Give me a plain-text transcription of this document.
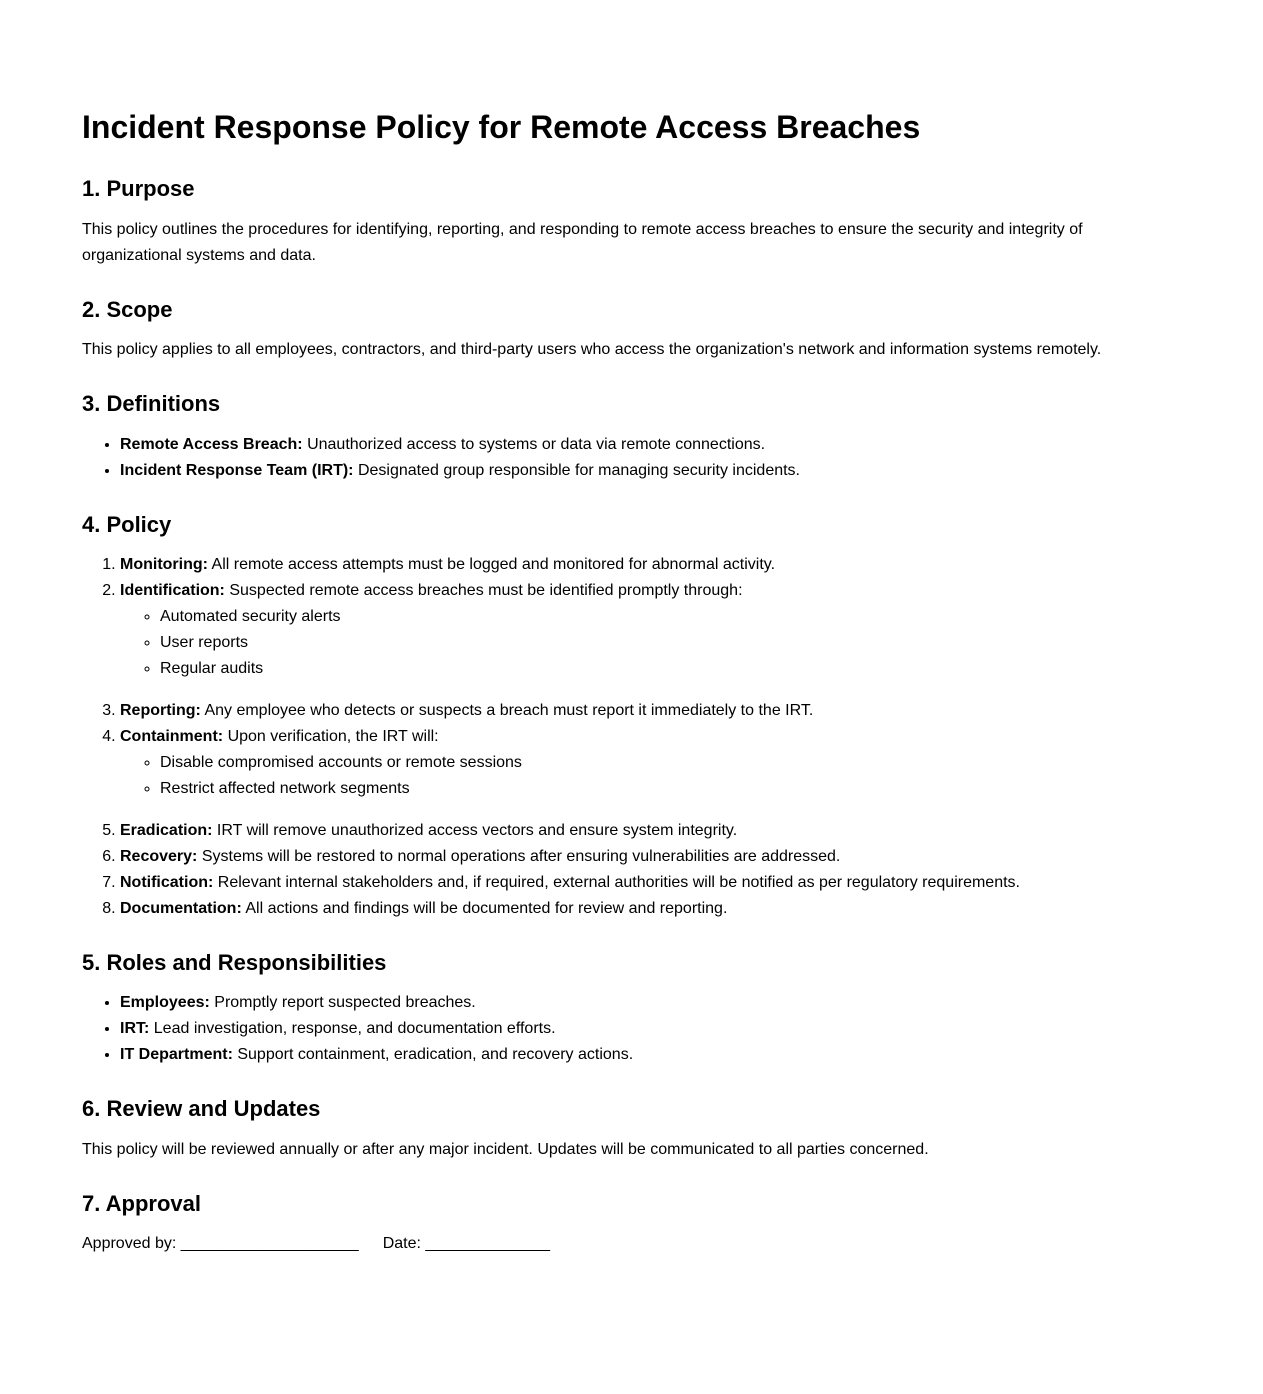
Incident Response Policy for Remote Access Breaches
1. Purpose

This policy outlines the procedures for identifying, reporting, and responding to remote access breaches to ensure the security and integrity of organizational systems and data.

2. Scope

This policy applies to all employees, contractors, and third-party users who access the organization's network and information systems remotely.

3. Definitions
• Remote Access Breach: Unauthorized access to systems or data via remote connections.
• Incident Response Team (IRT): Designated group responsible for managing security incidents.
4. Policy
1. Monitoring: All remote access attempts must be logged and monitored for abnormal activity.
2. Identification: Suspected remote access breaches must be identified promptly through:
◦ Automated security alerts
◦ User reports
◦ Regular audits
3. Reporting: Any employee who detects or suspects a breach must report it immediately to the IRT.
4. Containment: Upon verification, the IRT will:
◦ Disable compromised accounts or remote sessions
◦ Restrict affected network segments
5. Eradication: IRT will remove unauthorized access vectors and ensure system integrity.
6. Recovery: Systems will be restored to normal operations after ensuring vulnerabilities are addressed.
7. Notification: Relevant internal stakeholders and, if required, external authorities will be notified as per regulatory requirements.
8. Documentation: All actions and findings will be documented for review and reporting.
5. Roles and Responsibilities
• Employees: Promptly report suspected breaches.
• IRT: Lead investigation, response, and documentation efforts.
• IT Department: Support containment, eradication, and recovery actions.
6. Review and Updates

This policy will be reviewed annually or after any major incident. Updates will be communicated to all parties concerned.

7. Approval

Approved by: ____________________ Date: ______________
